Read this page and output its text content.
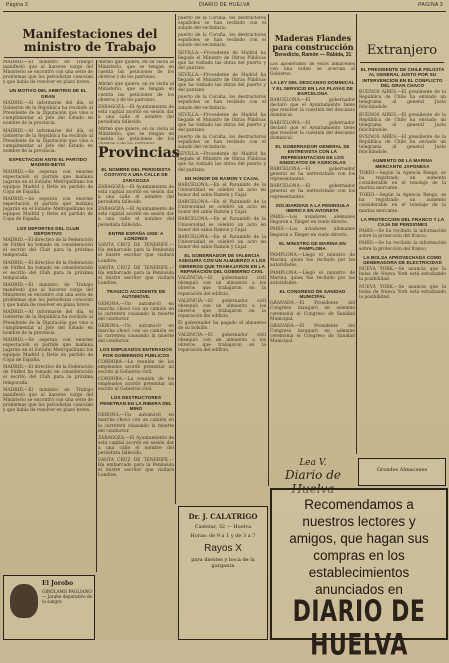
Página 2	DIARIO DE HUELVA	PAGINA 3
Manifestaciones del ministro de Trabajo
Maderas Flandes para construcción
Benedicto, Ramón — Rábida, 31	Extranjero

MADRID.—El ministro de Trabajo manifestó que al hacerse cargo del Ministerio se encontró con una serie de problemas que los periodistas conocían y que había de resolver en plazo breve.

UN MOTIVO DEL ARBITRIO DE EL GRAN

MADRID.—Al informarse del día, el Gobierno de la República ha recibido al Presidente de la Diputación que vino a cumplimentar al Jefe del Estado en nombre de la provincia.

MADRID.—Al informarse del día, el Gobierno de la República ha recibido al Presidente de la Diputación que vino a cumplimentar al Jefe del Estado en nombre de la provincia.

EXPECTACION ANTE EL PARTIDO MADRID-BETIS

MADRID.—Se esperan con enorme expectación el partido que mañana jugarán en el Estadio Metropolitano los equipos Madrid y Betis en partido de Copa de España.

MADRID.—Se esperan con enorme expectación el partido que mañana jugarán en el Estadio Metropolitano los equipos Madrid y Betis en partido de Copa de España.

LOS DEPORTES DEL CLUB DEPORTIVO

MADRID.—El directivo de la Federación de Fútbol ha tomado en consideración el escrito del Club para la próxima temporada.

MADRID.—El directivo de la Federación de Fútbol ha tomado en consideración el escrito del Club para la próxima temporada.

MADRID.—El ministro de Trabajo manifestó que al hacerse cargo del Ministerio se encontró con una serie de problemas que los periodistas conocían y que había de resolver en plazo breve.

MADRID.—Al informarse del día, el Gobierno de la República ha recibido al Presidente de la Diputación que vino a cumplimentar al Jefe del Estado en nombre de la provincia.

MADRID.—Se esperan con enorme expectación el partido que mañana jugarán en el Estadio Metropolitano los equipos Madrid y Betis en partido de Copa de España.

MADRID.—El directivo de la Federación de Fútbol ha tomado en consideración el escrito del Club para la próxima temporada.

MADRID.—El ministro de Trabajo manifestó que al hacerse cargo del Ministerio se encontró con una serie de problemas que los periodistas conocían y que había de resolver en plazo breve.

Afirmó que quiere, en su visita al Ministerio, que se tengan en cuenta las peticiones de los obreros y de los patronos.

Afirmó que quiere, en su visita al Ministerio, que se tengan en cuenta las peticiones de los obreros y de los patronos.

ZARAGOZA.—El Ayuntamiento de esta capital acordó en sesión dar a una calle el nombre del periodista fallecido.

Afirmó que quiere, en su visita al Ministerio, que se tengan en cuenta las peticiones de los

Provincias
EL NOMBRE DEL PERIODISTA COSTAYO A UNA CALLE DE ZARAGOZA

ZARAGOZA.—El Ayuntamiento de esta capital acordó en sesión dar a una calle el nombre del periodista fallecido.

ZARAGOZA.—El Ayuntamiento de esta capital acordó en sesión dar a una calle el nombre del periodista fallecido.

ENTRE ESPAÑA 1936: A LONDRES

SANTA CRUZ DE TENERIFE.—Ha embarcado para la Península el ilustre escritor que visitará Londres.

SANTA CRUZ DE TENERIFE.—Ha embarcado para la Península el ilustre escritor que visitará Londres.

TRAGICO ACCIDENTE DE AUTOMOVIL

GERONA.—Un automóvil en marcha chocó con un camión en la carretera causando la muerte del conductor.

GERONA.—Un automóvil en marcha chocó con un camión en la carretera causando la muerte del conductor.

LOS EMPLEADOS ENTERADOS POR GOBIERNOS PUBLICOS

CORDOBA.—La reunión de los empleados acordó presentar un escrito al Gobierno civil.

CORDOBA.—La reunión de los empleados acordó presentar un escrito al Gobierno civil.

LOS DESTRUCTORES PENETRAN EN LA RIBERA DEL MINO

GERONA.—Un automóvil en marcha chocó con un camión en la carretera causando la muerte del conductor.

ZARAGOZA.—El Ayuntamiento de esta capital acordó en sesión dar a una calle el nombre del periodista fallecido.

SANTA CRUZ DE TENERIFE.—Ha embarcado para la Península el ilustre escritor que visitará Londres.

puerto de la Coruña, los destructores españoles se han recibido con el saludo del vecindario.

puerto de la Coruña, los destructores españoles se han recibido con el saludo del vecindario.

SEVILLA.—Procedente de Madrid ha llegado el Ministro de Obras Públicas que ha visitado las obras del puerto y del pantano.

SEVILLA.—Procedente de Madrid ha llegado el Ministro de Obras Públicas que ha visitado las obras del puerto y del pantano.

puerto de la Coruña, los destructores españoles se han recibido con el saludo del vecindario.

SEVILLA.—Procedente de Madrid ha llegado el Ministro de Obras Públicas que ha visitado las obras del puerto y del pantano.

puerto de la Coruña, los destructores españoles se han recibido con el saludo del vecindario.

SEVILLA.—Procedente de Madrid ha llegado el Ministro de Obras Públicas que ha visitado las obras del puerto y del pantano.

EN HONOR DE RAMON Y CAJAL

BARCELONA.—En el Paraninfo de la Universidad se celebró un acto en honor del sabio Ramón y Cajal.

BARCELONA.—En el Paraninfo de la Universidad se celebró un acto en honor del sabio Ramón y Cajal.

BARCELONA.—En el Paraninfo de la Universidad se celebró un acto en honor del sabio Ramón y Cajal.

BARCELONA.—En el Paraninfo de la Universidad se celebró un acto en honor del sabio Ramón y Cajal.

EL GOBERNADOR DE VALENCIA ASEGURA CON UN ALMUERZO A LOS OBREROS QUE TRABAJARON EN LA REPARACION DEL GOBIERNO CIVIL

VALENCIA.—El gobernador civil obsequió con un almuerzo a los obreros que trabajaron en la reparación del edificio.

VALENCIA.—El gobernador civil obsequió con un almuerzo a los obreros que trabajaron en la reparación del edificio.

El gobernador ha pagado el almuerzo de su bolsillo.

VALENCIA.—El gobernador civil obsequió con un almuerzo a los obreros que trabajaron en la reparación del edificio.

Los apoderados de estos almacenes con una orden se acercan al Gobierno.

LA LEY DEL DESCANSO DOMINICAL Y EL SERVICIO EN LAS PLAYAS DE BARCELONA

BARCELONA.—El gobernador declaró que el Ayuntamiento tiene que resolver la cuestión del descanso dominical.

BARCELONA.—El gobernador declaró que el Ayuntamiento tiene que resolver la cuestión del descanso dominical.

EL GOBERNADOR GENERAL SE ENTREVISTA CON LA REPRESENTACION DE LOS SINDICATOS DE AGRICOLAS

BARCELONA.—El gobernador general se ha entrevistado con los representantes.

BARCELONA.—El gobernador general se ha entrevistado con los representantes.

SOLIDARIDAD A LA PENINSULA IBERICA EN AVIONETA

PARIS.—Los aviadores alemanes llegaron a Tánger en vuelo directo.

PARIS.—Los aviadores alemanes llegaron a Tánger en vuelo directo.

EL MINISTRO DE MARINA EN PAMPLONA

PAMPLONA.—Llegó el ministro de Marina, quien fue recibido por las autoridades.

PAMPLONA.—Llegó el ministro de Marina, quien fue recibido por las autoridades.

EL CONGRESO DE SANIDAD MUNICIPAL

GRANADA.—El Presidente del Congreso inauguró en solemne ceremonia el Congreso de Sanidad Municipal.

GRANADA.—El Presidente del Congreso inauguró en solemne ceremonia el Congreso de Sanidad Municipal.

EL PRESIDENTE DE CHILE FELICITA AL GENERAL JUSTO POR SU INTERVENCION EN EL CONFLICTO DEL GRAN CHACO

BUENOS AIRES.—El presidente de la República de Chile ha enviado un telegrama al general Justo felicitándole.

BUENOS AIRES.—El presidente de la República de Chile ha enviado un telegrama al general Justo felicitándole.

BUENOS AIRES.—El presidente de la República de Chile ha enviado un telegrama al general Justo felicitándole.

AUMENTO DE LA MARINA MERCANTE JAPONESA

TOKIO.—Según la Agencia Rengo, se ha registrado un aumento considerable en el tonelaje de la marina mercante.

TOKIO.—Según la Agencia Rengo, se ha registrado un aumento considerable en el tonelaje de la marina mercante.

LA PROTECCION DEL FRANCO Y LA CAJA DE PENSIONES

PARIS.—Se ha recibido la información sobre la protección del franco.

PARIS.—Se ha recibido la información sobre la protección del franco.

LA BOLSA APROVECHADA COMO GENERADORA DE ELECTRICIDAD

NUEVA YORK.—Se anuncia que la bolsa de Nueva York está estudiando la posibilidad.

NUEVA YORK.—Se anuncia que la bolsa de Nueva York está estudiando la posibilidad.

Lea V.
Diario de Huelva
Grandes Almacenes
Dr. J. CALATRIGO
Castelar, 32 — Huelva
Horas: de 9 a 1 y de 3 a 7
Rayos X
para dientes y boca de la garganta
Recomendamos a nuestros lectores y amigos, que hagan sus compras en los establecimientos anunciados en
DIARIO DE HUELVA
El Jorobo
GIROLAMO PAGLIANO — Jarabe depurativo de la sangre
